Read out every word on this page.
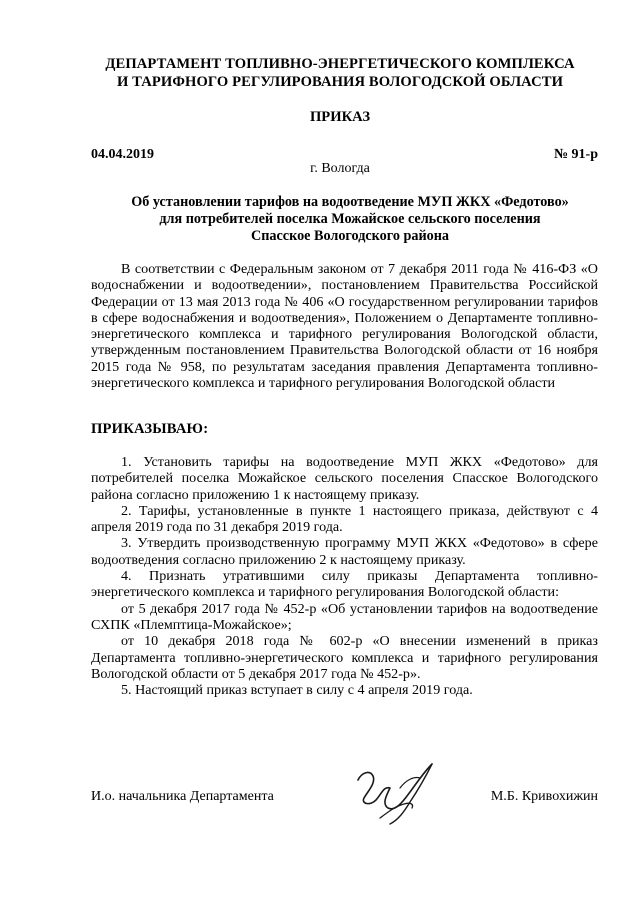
ДЕПАРТАМЕНТ ТОПЛИВНО-ЭНЕРГЕТИЧЕСКОГО КОМПЛЕКСА
И ТАРИФНОГО РЕГУЛИРОВАНИЯ ВОЛОГОДСКОЙ ОБЛАСТИ
ПРИКАЗ
04.04.2019	№ 91-р
г. Вологда
Об установлении тарифов на водоотведение МУП ЖКХ «Федотово»
для потребителей поселка Можайское сельского поселения
Спасское Вологодского района
В соответствии с Федеральным законом от 7 декабря 2011 года № 416-ФЗ «О водоснабжении и водоотведении», постановлением Правительства Российской Федерации от 13 мая 2013 года № 406 «О государственном регулировании тарифов в сфере водоснабжения и водоотведения», Положением о Департаменте топливно-энергетического комплекса и тарифного регулирования Вологодской области, утвержденным постановлением Правительства Вологодской области от 16 ноября 2015 года № 958, по результатам заседания правления Департамента топливно-энергетического комплекса и тарифного регулирования Вологодской области
ПРИКАЗЫВАЮ:

1. Установить тарифы на водоотведение МУП ЖКХ «Федотово» для потребителей поселка Можайское сельского поселения Спасское Вологодского района согласно приложению 1 к настоящему приказу.

2. Тарифы, установленные в пункте 1 настоящего приказа, действуют с 4 апреля 2019 года по 31 декабря 2019 года.

3. Утвердить производственную программу МУП ЖКХ «Федотово» в сфере водоотведения согласно приложению 2 к настоящему приказу.

4. Признать утратившими силу приказы Департамента топливно-энергетического комплекса и тарифного регулирования Вологодской области:

от 5 декабря 2017 года № 452-р «Об установлении тарифов на водоотведение СХПК «Племптица-Можайское»;

от 10 декабря 2018 года № 602-р «О внесении изменений в приказ Департамента топливно-энергетического комплекса и тарифного регулирования Вологодской области от 5 декабря 2017 года № 452-р».

5. Настоящий приказ вступает в силу с 4 апреля 2019 года.

И.о. начальника Департамента	М.Б. Кривохижин
